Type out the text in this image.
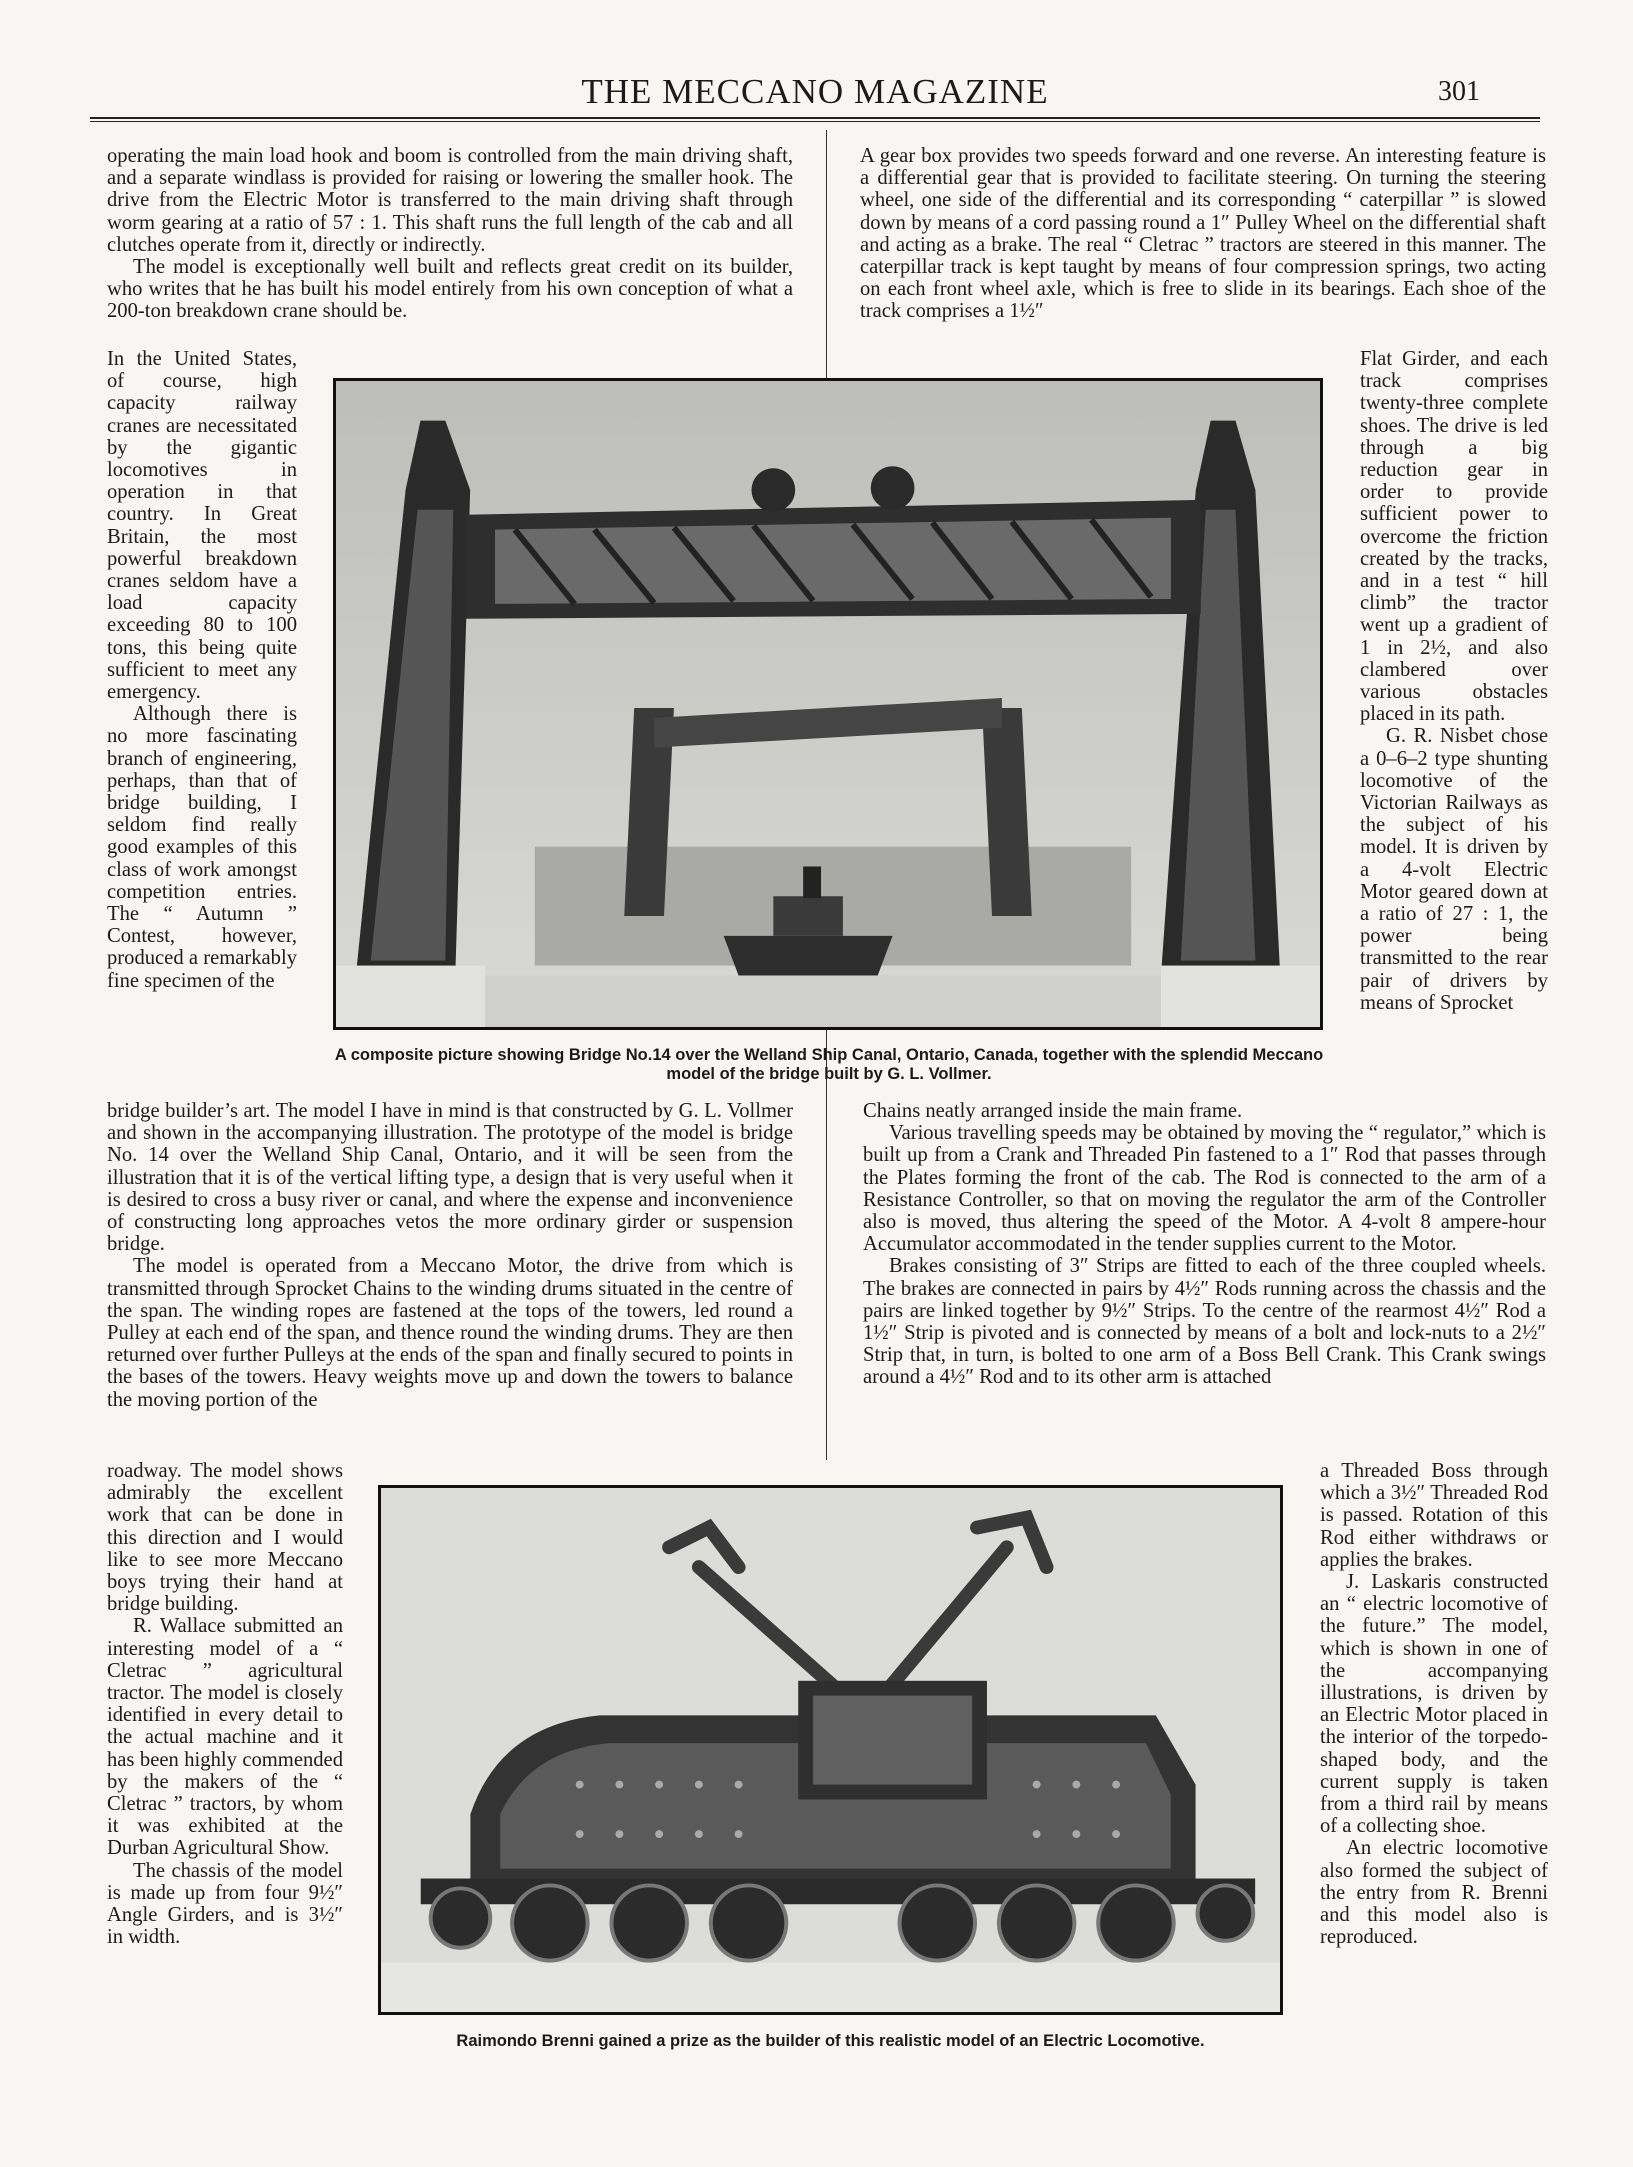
THE MECCANO MAGAZINE	301

operating the main load hook and boom is controlled from the main driving shaft, and a separate windlass is provided for raising or lowering the smaller hook. The drive from the Electric Motor is transferred to the main driving shaft through worm gearing at a ratio of 57 : 1. This shaft runs the full length of the cab and all clutches operate from it, directly or indirectly.

The model is exceptionally well built and reflects great credit on its builder, who writes that he has built his model entirely from his own conception of what a 200-ton breakdown crane should be.

In the United States, of course, high capacity railway cranes are necessitated by the gigantic locomotives in operation in that country. In Great Britain, the most powerful breakdown cranes seldom have a load capacity exceeding 80 to 100 tons, this being quite sufficient to meet any emergency.

Although there is no more fascinating branch of engineering, perhaps, than that of bridge building, I seldom find really good examples of this class of work amongst competition entries. The “ Autumn ” Contest, however, produced a remarkably fine specimen of the

A composite picture showing Bridge No.14 over the Welland Ship Canal, Ontario, Canada, together with the splendid Meccano model of the bridge built by G. L. Vollmer.

bridge builder’s art. The model I have in mind is that constructed by G. L. Vollmer and shown in the accompanying illustration. The prototype of the model is bridge No. 14 over the Welland Ship Canal, Ontario, and it will be seen from the illustration that it is of the vertical lifting type, a design that is very useful when it is desired to cross a busy river or canal, and where the expense and inconvenience of constructing long approaches vetos the more ordinary girder or suspension bridge.

The model is operated from a Meccano Motor, the drive from which is transmitted through Sprocket Chains to the winding drums situated in the centre of the span. The winding ropes are fastened at the tops of the towers, led round a Pulley at each end of the span, and thence round the winding drums. They are then returned over further Pulleys at the ends of the span and finally secured to points in the bases of the towers. Heavy weights move up and down the towers to balance the moving portion of the

roadway. The model shows admirably the excellent work that can be done in this direction and I would like to see more Meccano boys trying their hand at bridge building.

R. Wallace submitted an interesting model of a “ Cletrac ” agricultural tractor. The model is closely identified in every detail to the actual machine and it has been highly commended by the makers of the “ Cletrac ” tractors, by whom it was exhibited at the Durban Agricultural Show.

The chassis of the model is made up from four 9½″ Angle Girders, and is 3½″ in width.

A gear box provides two speeds forward and one reverse. An interesting feature is a differential gear that is provided to facilitate steering. On turning the steering wheel, one side of the differential and its corresponding “ caterpillar ” is slowed down by means of a cord passing round a 1″ Pulley Wheel on the differential shaft and acting as a brake. The real “ Cletrac ” tractors are steered in this manner. The caterpillar track is kept taught by means of four compression springs, two acting on each front wheel axle, which is free to slide in its bearings. Each shoe of the track comprises a 1½″

Flat Girder, and each track comprises twenty-three complete shoes. The drive is led through a big reduction gear in order to provide sufficient power to overcome the friction created by the tracks, and in a test “ hill climb” the tractor went up a gradient of 1 in 2½, and also clambered over various obstacles placed in its path.

G. R. Nisbet chose a 0–6–2 type shunting locomotive of the Victorian Railways as the subject of his model. It is driven by a 4-volt Electric Motor geared down at a ratio of 27 : 1, the power being transmitted to the rear pair of drivers by means of Sprocket

Chains neatly arranged inside the main frame.

Various travelling speeds may be obtained by moving the “ regulator,” which is built up from a Crank and Threaded Pin fastened to a 1″ Rod that passes through the Plates forming the front of the cab. The Rod is connected to the arm of a Resistance Controller, so that on moving the regulator the arm of the Controller also is moved, thus altering the speed of the Motor. A 4-volt 8 ampere-hour Accumulator accommodated in the tender supplies current to the Motor.

Brakes consisting of 3″ Strips are fitted to each of the three coupled wheels. The brakes are connected in pairs by 4½″ Rods running across the chassis and the pairs are linked together by 9½″ Strips. To the centre of the rearmost 4½″ Rod a 1½″ Strip is pivoted and is connected by means of a bolt and lock-nuts to a 2½″ Strip that, in turn, is bolted to one arm of a Boss Bell Crank. This Crank swings around a 4½″ Rod and to its other arm is attached

Raimondo Brenni gained a prize as the builder of this realistic model of an Electric Locomotive.

a Threaded Boss through which a 3½″ Threaded Rod is passed. Rotation of this Rod either withdraws or applies the brakes.

J. Laskaris constructed an “ electric locomotive of the future.” The model, which is shown in one of the accompanying illustrations, is driven by an Electric Motor placed in the interior of the torpedo-shaped body, and the current supply is taken from a third rail by means of a collecting shoe.

An electric locomotive also formed the subject of the entry from R. Brenni and this model also is reproduced.
